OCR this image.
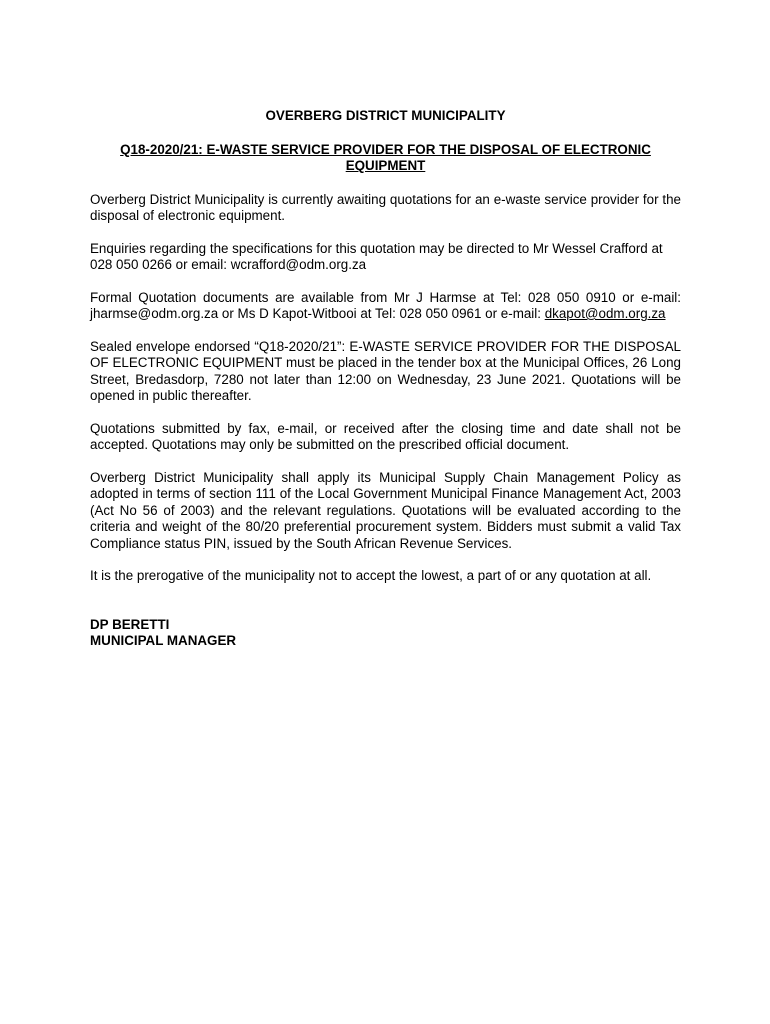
OVERBERG DISTRICT MUNICIPALITY

Q18-2020/21: E-WASTE SERVICE PROVIDER FOR THE DISPOSAL OF ELECTRONIC EQUIPMENT

Overberg District Municipality is currently awaiting quotations for an e-waste service provider for the disposal of electronic equipment.

Enquiries regarding the specifications for this quotation may be directed to Mr Wessel Crafford at 028 050 0266 or email: wcrafford@odm.org.za

Formal Quotation documents are available from Mr J Harmse at Tel: 028 050 0910 or e-mail: jharmse@odm.org.za or Ms D Kapot-Witbooi at Tel: 028 050 0961 or e-mail: dkapot@odm.org.za

Sealed envelope endorsed “Q18-2020/21”: E-WASTE SERVICE PROVIDER FOR THE DISPOSAL OF ELECTRONIC EQUIPMENT must be placed in the tender box at the Municipal Offices, 26 Long Street, Bredasdorp, 7280 not later than 12:00 on Wednesday, 23 June 2021. Quotations will be opened in public thereafter.

Quotations submitted by fax, e-mail, or received after the closing time and date shall not be accepted. Quotations may only be submitted on the prescribed official document.

Overberg District Municipality shall apply its Municipal Supply Chain Management Policy as adopted in terms of section 111 of the Local Government Municipal Finance Management Act, 2003 (Act No 56 of 2003) and the relevant regulations. Quotations will be evaluated according to the criteria and weight of the 80/20 preferential procurement system. Bidders must submit a valid Tax Compliance status PIN, issued by the South African Revenue Services.

It is the prerogative of the municipality not to accept the lowest, a part of or any quotation at all.

DP BERETTI

MUNICIPAL MANAGER
